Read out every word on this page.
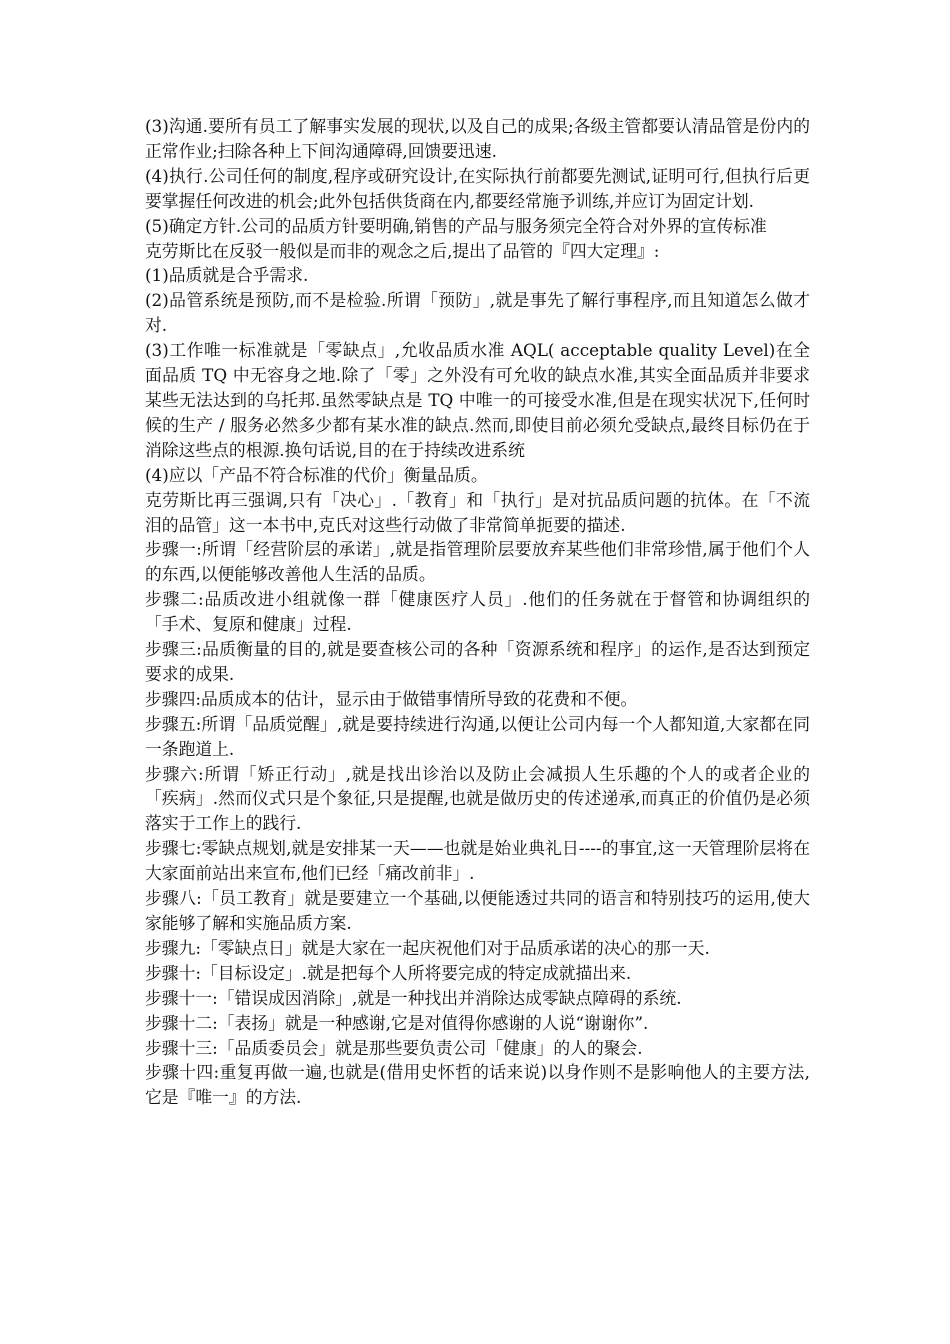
(3)沟通.要所有员工了解事实发展的现状,以及自己的成果;各级主管都要认清品管是份内的正常作业;扫除各种上下间沟通障碍,回馈要迅速.

(4)执行.公司任何的制度,程序或研究设计,在实际执行前都要先测试,证明可行,但执行后更要掌握任何改进的机会;此外包括供货商在内,都要经常施予训练,并应订为固定计划.

(5)确定方针.公司的品质方针要明确,销售的产品与服务须完全符合对外界的宣传标准

克劳斯比在反驳一般似是而非的观念之后,提出了品管的『四大定理』:

(1)品质就是合乎需求.

(2)品管系统是预防,而不是检验.所谓「预防」,就是事先了解行事程序,而且知道怎么做才对.

(3)工作唯一标准就是「零缺点」,允收品质水准 AQL( acceptable quality Level)在全面品质 TQ 中无容身之地.除了「零」之外没有可允收的缺点水准,其实全面品质并非要求某些无法达到的乌托邦.虽然零缺点是 TQ 中唯一的可接受水准,但是在现实状况下,任何时候的生产 / 服务必然多少都有某水准的缺点.然而,即使目前必须允受缺点,最终目标仍在于消除这些点的根源.换句话说,目的在于持续改进系统

(4)应以「产品不符合标准的代价」衡量品质。

克劳斯比再三强调,只有「决心」.「教育」和「执行」是对抗品质问题的抗体。在「不流泪的品管」这一本书中,克氏对这些行动做了非常简单扼要的描述.

步骤一:所谓「经营阶层的承诺」,就是指管理阶层要放弃某些他们非常珍惜,属于他们个人的东西,以便能够改善他人生活的品质。

步骤二:品质改进小组就像一群「健康医疗人员」.他们的任务就在于督管和协调组织的「手术、复原和健康」过程.

步骤三:品质衡量的目的,就是要查核公司的各种「资源系统和程序」的运作,是否达到预定要求的成果.

步骤四:品质成本的估计，显示由于做错事情所导致的花费和不便。

步骤五:所谓「品质觉醒」,就是要持续进行沟通,以便让公司内每一个人都知道,大家都在同一条跑道上.

步骤六:所谓「矫正行动」,就是找出诊治以及防止会减损人生乐趣的个人的或者企业的「疾病」.然而仪式只是个象征,只是提醒,也就是做历史的传述递承,而真正的价值仍是必须落实于工作上的践行.

步骤七:零缺点规划,就是安排某一天——也就是始业典礼日----的事宜,这一天管理阶层将在大家面前站出来宣布,他们已经「痛改前非」.

步骤八:「员工教育」就是要建立一个基础,以便能透过共同的语言和特别技巧的运用,使大家能够了解和实施品质方案.

步骤九:「零缺点日」就是大家在一起庆祝他们对于品质承诺的决心的那一天.

步骤十:「目标设定」.就是把每个人所将要完成的特定成就描出来.

步骤十一:「错误成因消除」,就是一种找出并消除达成零缺点障碍的系统.

步骤十二:「表扬」就是一种感谢,它是对值得你感谢的人说“谢谢你”.

步骤十三:「品质委员会」就是那些要负责公司「健康」的人的聚会.

步骤十四:重复再做一遍,也就是(借用史怀哲的话来说)以身作则不是影响他人的主要方法,它是『唯一』的方法.
